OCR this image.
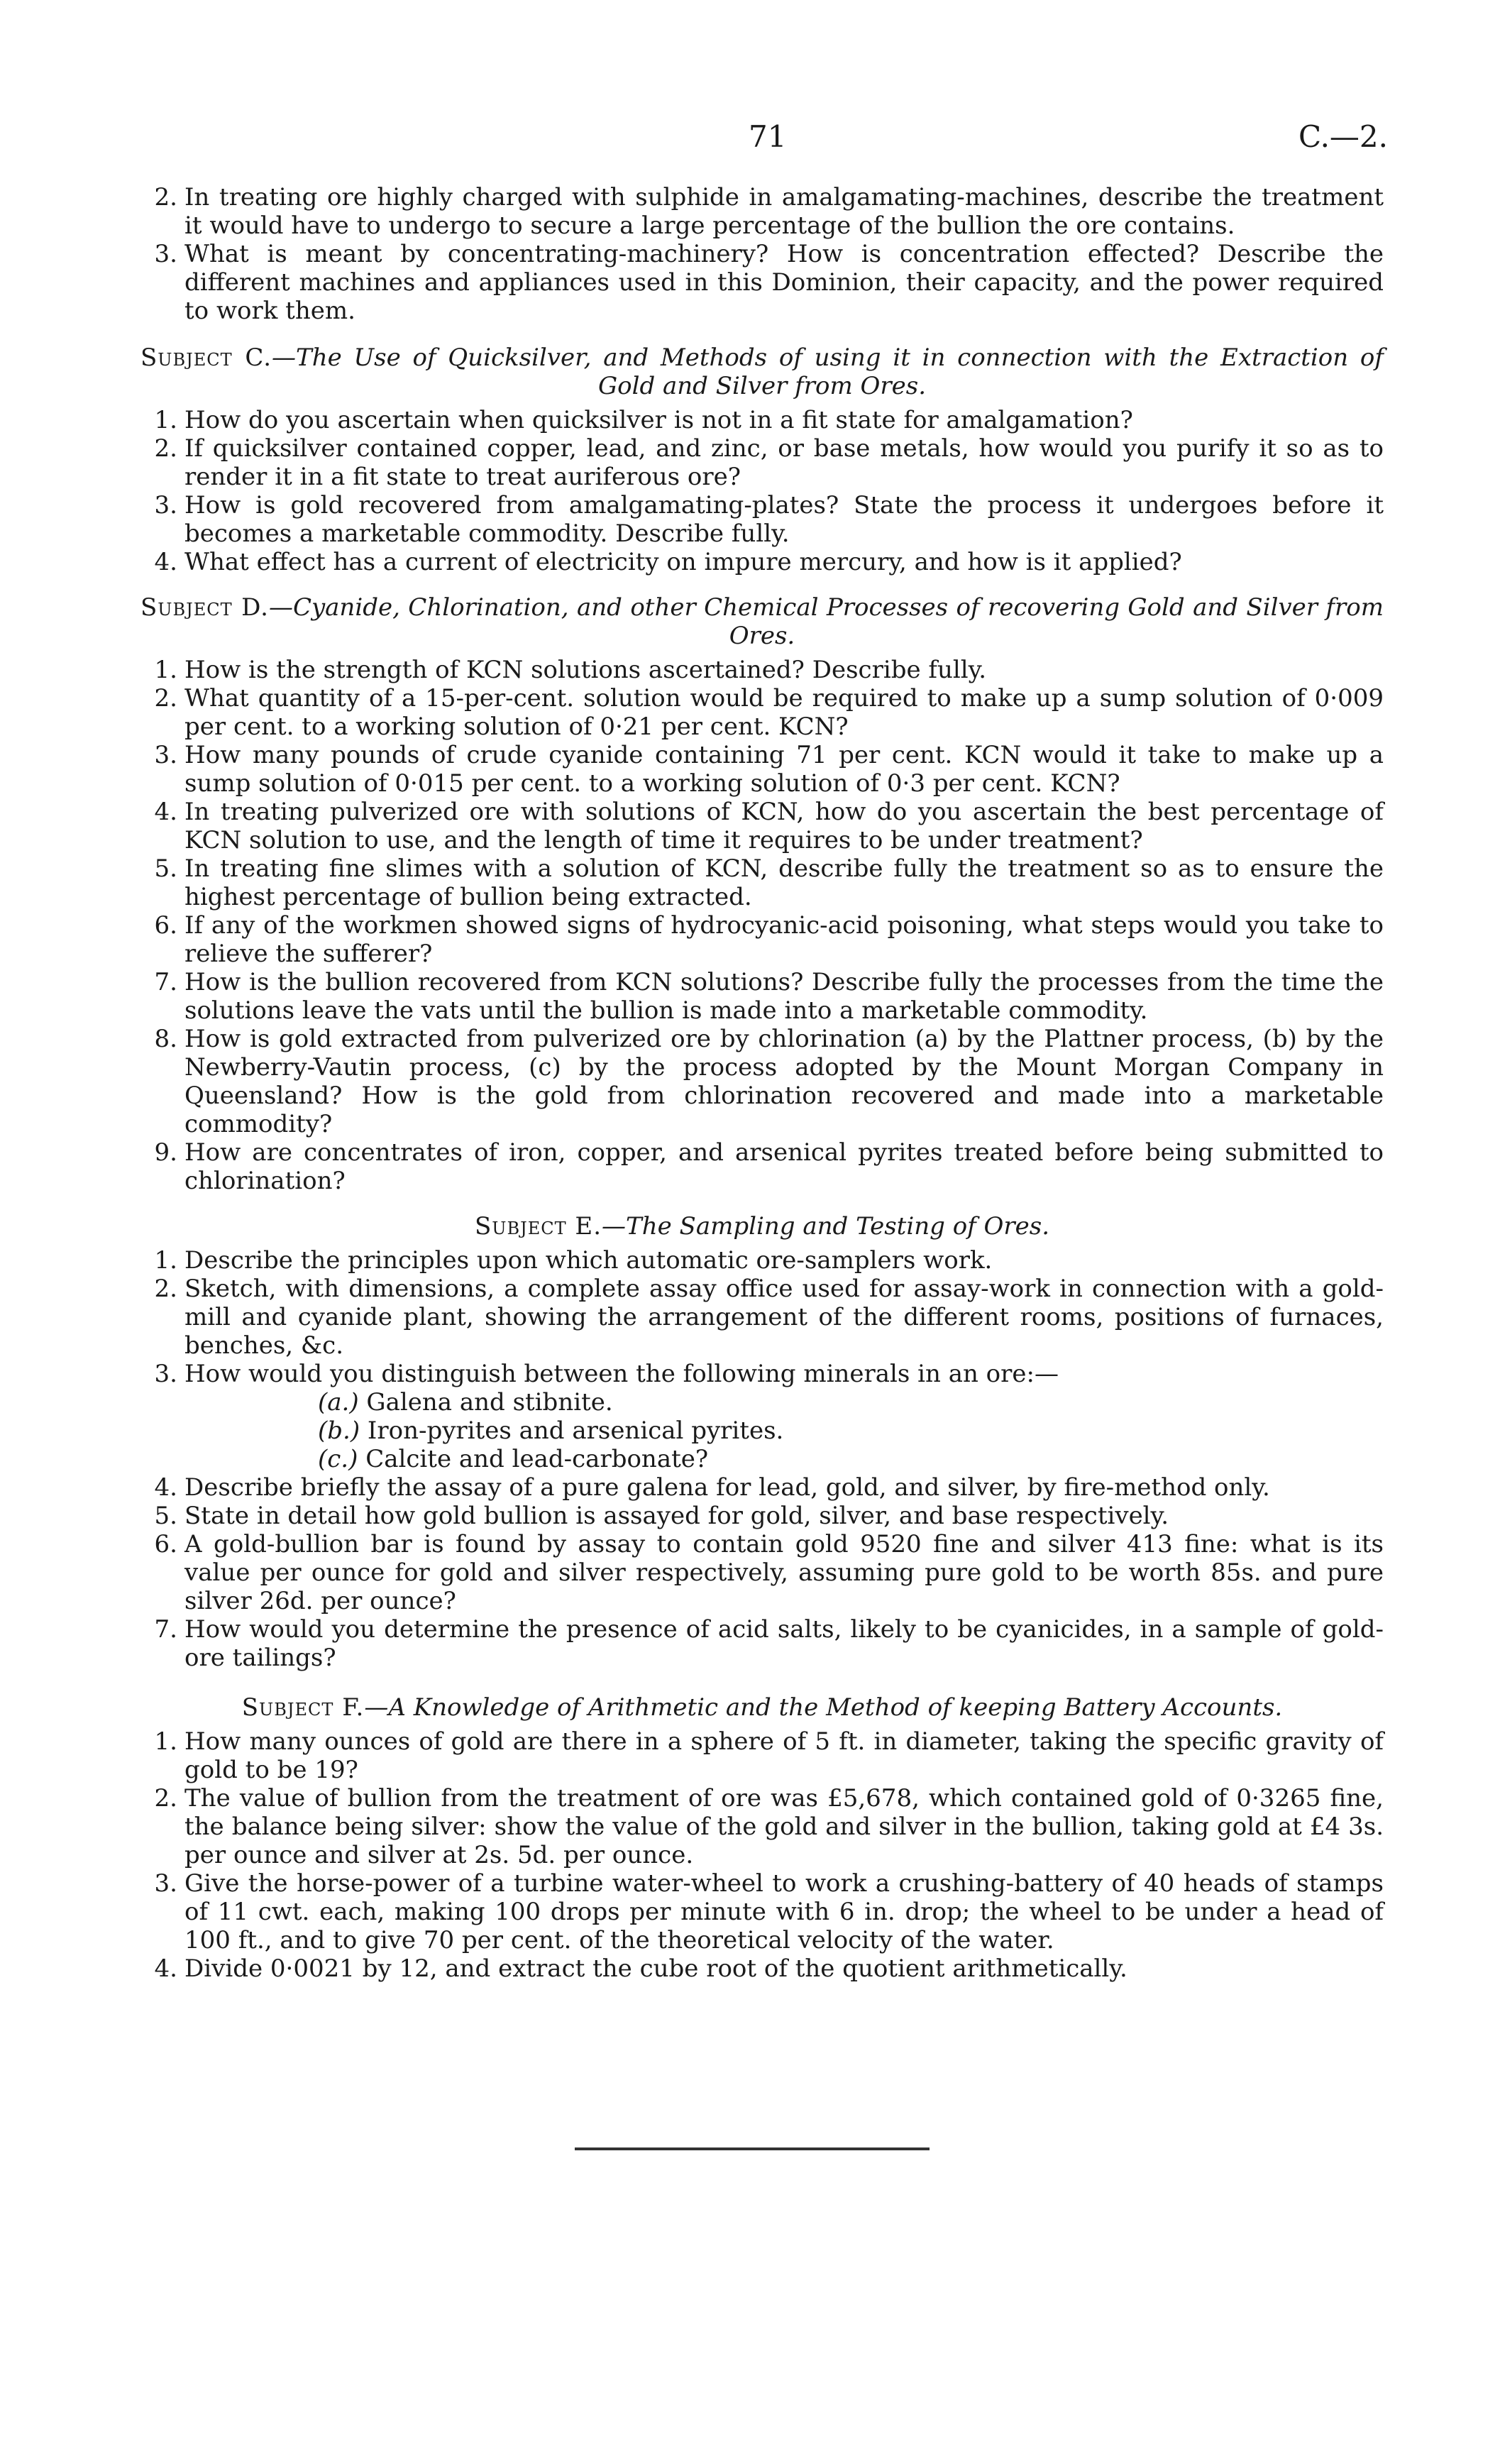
71	C.—2.

2. In treating ore highly charged with sulphide in amalgamating-machines, describe the treatment it would have to undergo to secure a large percentage of the bullion the ore contains.

3. What is meant by concentrating-machinery? How is concentration effected? Describe the different machines and appliances used in this Dominion, their capacity, and the power required to work them.

Subject C.—The Use of Quicksilver, and Methods of using it in connection with the Extraction of Gold and Silver from Ores.

1. How do you ascertain when quicksilver is not in a fit state for amalgamation?

2. If quicksilver contained copper, lead, and zinc, or base metals, how would you purify it so as to render it in a fit state to treat auriferous ore?

3. How is gold recovered from amalgamating-plates? State the process it undergoes before it becomes a marketable commodity. Describe fully.

4. What effect has a current of electricity on impure mercury, and how is it applied?

Subject D.—Cyanide, Chlorination, and other Chemical Processes of recovering Gold and Silver from Ores.

1. How is the strength of KCN solutions ascertained? Describe fully.

2. What quantity of a 15-per-cent. solution would be required to make up a sump solution of 0·009 per cent. to a working solution of 0·21 per cent. KCN?

3. How many pounds of crude cyanide containing 71 per cent. KCN would it take to make up a sump solution of 0·015 per cent. to a working solution of 0·3 per cent. KCN?

4. In treating pulverized ore with solutions of KCN, how do you ascertain the best percentage of KCN solution to use, and the length of time it requires to be under treatment?

5. In treating fine slimes with a solution of KCN, describe fully the treatment so as to ensure the highest percentage of bullion being extracted.

6. If any of the workmen showed signs of hydrocyanic-acid poisoning, what steps would you take to relieve the sufferer?

7. How is the bullion recovered from KCN solutions? Describe fully the processes from the time the solutions leave the vats until the bullion is made into a marketable commodity.

8. How is gold extracted from pulverized ore by chlorination (a) by the Plattner process, (b) by the Newberry-Vautin process, (c) by the process adopted by the Mount Morgan Company in Queensland? How is the gold from chlorination recovered and made into a marketable commodity?

9. How are concentrates of iron, copper, and arsenical pyrites treated before being submitted to chlorination?

Subject E.—The Sampling and Testing of Ores.

1. Describe the principles upon which automatic ore-samplers work.

2. Sketch, with dimensions, a complete assay office used for assay-work in connection with a gold-mill and cyanide plant, showing the arrangement of the different rooms, positions of furnaces, benches, &c.

3. How would you distinguish between the following minerals in an ore:—

(a.) Galena and stibnite.

(b.) Iron-pyrites and arsenical pyrites.

(c.) Calcite and lead-carbonate?

4. Describe briefly the assay of a pure galena for lead, gold, and silver, by fire-method only.

5. State in detail how gold bullion is assayed for gold, silver, and base respectively.

6. A gold-bullion bar is found by assay to contain gold 9520 fine and silver 413 fine: what is its value per ounce for gold and silver respectively, assuming pure gold to be worth 85s. and pure silver 26d. per ounce?

7. How would you determine the presence of acid salts, likely to be cyanicides, in a sample of gold-ore tailings?

Subject F.—A Knowledge of Arithmetic and the Method of keeping Battery Accounts.

1. How many ounces of gold are there in a sphere of 5 ft. in diameter, taking the specific gravity of gold to be 19?

2. The value of bullion from the treatment of ore was £5,678, which contained gold of 0·3265 fine, the balance being silver: show the value of the gold and silver in the bullion, taking gold at £4 3s. per ounce and silver at 2s. 5d. per ounce.

3. Give the horse-power of a turbine water-wheel to work a crushing-battery of 40 heads of stamps of 11 cwt. each, making 100 drops per minute with 6 in. drop; the wheel to be under a head of 100 ft., and to give 70 per cent. of the theoretical velocity of the water.

4. Divide 0·0021 by 12, and extract the cube root of the quotient arithmetically.
